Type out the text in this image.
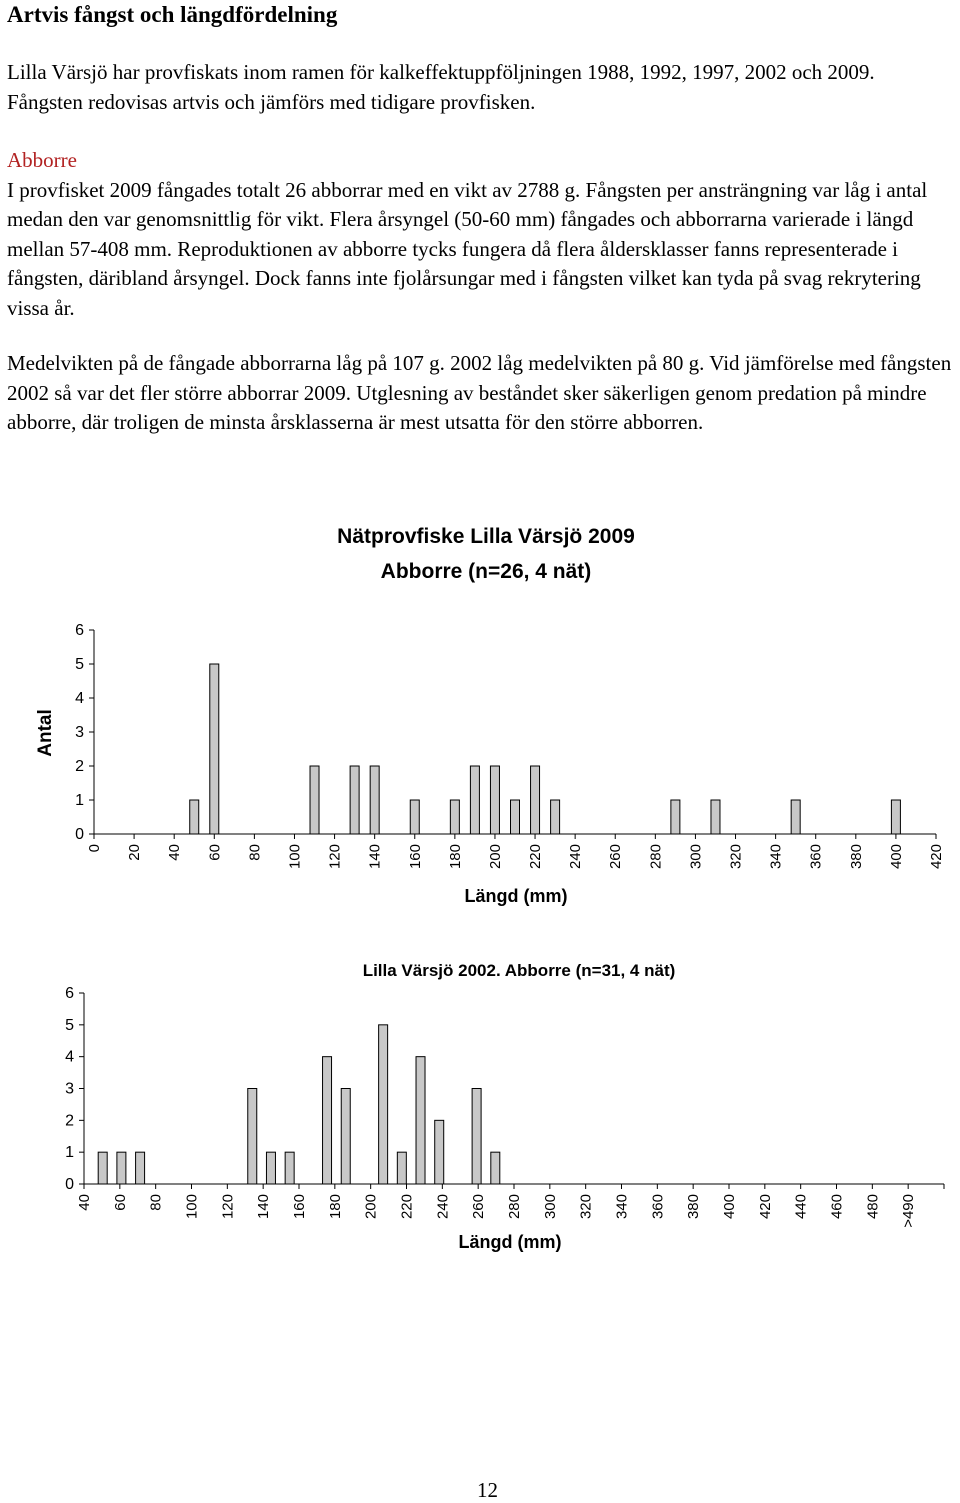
Artvis fångst och längdfördelning

Lilla Värsjö har provfiskats inom ramen för kalkeffektuppföljningen 1988, 1992, 1997, 2002 och 2009. Fångsten redovisas artvis och jämförs med tidigare provfisken.

Abborre
I provfisket 2009 fångades totalt 26 abborrar med en vikt av 2788 g. Fångsten per ansträngning var låg i antal medan den var genomsnittlig för vikt. Flera årsyngel (50-60 mm) fångades och abborrarna varierade i längd mellan 57-408 mm. Reproduktionen av abborre tycks fungera då flera åldersklasser fanns representerade i fångsten, däribland årsyngel. Dock fanns inte fjolårsungar med i fångsten vilket kan tyda på svag rekrytering vissa år.

Medelvikten på de fångade abborrarna låg på 107 g. 2002 låg medelvikten på 80 g. Vid jämförelse med fångsten 2002 så var det fler större abborrar 2009. Utglesning av beståndet sker säkerligen genom predation på mindre abborre, där troligen de minsta årsklasserna är mest utsatta för den större abborren.

Nätprovfiske Lilla Värsjö 2009
Abborre (n=26, 4 nät)
Antal
Längd (mm)
0
1
2
3
4
5
6
0 20 40 60 80 100 120 140 160 180 200 220 240 260 280 300 320 340 360 380 400 420
Lilla Värsjö 2002. Abborre (n=31, 4 nät)
Längd (mm)
0
1
2
3
4
5
6
40 60 80 100 120 140 160 180 200 220 240 260 280 300 320 340 360 380 400 420 440 460 480 >490
12
